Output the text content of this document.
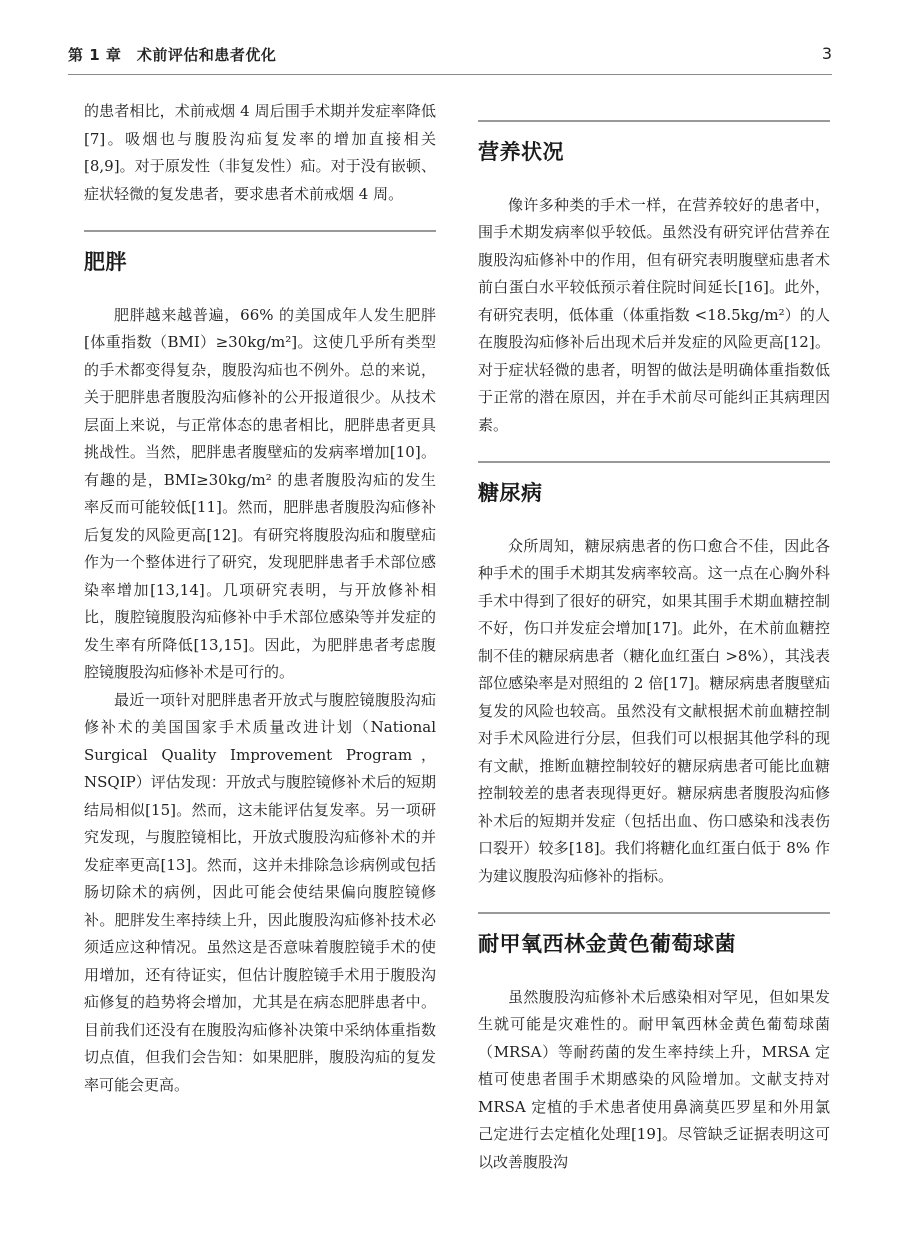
第 1 章　术前评估和患者优化	3

的患者相比，术前戒烟 4 周后围手术期并发症率降低[7]。吸烟也与腹股沟疝复发率的增加直接相关[8,9]。对于原发性（非复发性）疝。对于没有嵌顿、症状轻微的复发患者，要求患者术前戒烟 4 周。

肥胖

肥胖越来越普遍，66% 的美国成年人发生肥胖[体重指数（BMI）≥30kg/m²]。这使几乎所有类型的手术都变得复杂，腹股沟疝也不例外。总的来说，关于肥胖患者腹股沟疝修补的公开报道很少。从技术层面上来说，与正常体态的患者相比，肥胖患者更具挑战性。当然，肥胖患者腹壁疝的发病率增加[10]。有趣的是，BMI≥30kg/m² 的患者腹股沟疝的发生率反而可能较低[11]。然而，肥胖患者腹股沟疝修补后复发的风险更高[12]。有研究将腹股沟疝和腹壁疝作为一个整体进行了研究，发现肥胖患者手术部位感染率增加[13,14]。几项研究表明，与开放修补相比，腹腔镜腹股沟疝修补中手术部位感染等并发症的发生率有所降低[13,15]。因此，为肥胖患者考虑腹腔镜腹股沟疝修补术是可行的。

最近一项针对肥胖患者开放式与腹腔镜腹股沟疝修补术的美国国家手术质量改进计划（National Surgical Quality Improvement Program，NSQIP）评估发现：开放式与腹腔镜修补术后的短期结局相似[15]。然而，这未能评估复发率。另一项研究发现，与腹腔镜相比，开放式腹股沟疝修补术的并发症率更高[13]。然而，这并未排除急诊病例或包括肠切除术的病例，因此可能会使结果偏向腹腔镜修补。肥胖发生率持续上升，因此腹股沟疝修补技术必须适应这种情况。虽然这是否意味着腹腔镜手术的使用增加，还有待证实，但估计腹腔镜手术用于腹股沟疝修复的趋势将会增加，尤其是在病态肥胖患者中。目前我们还没有在腹股沟疝修补决策中采纳体重指数切点值，但我们会告知：如果肥胖，腹股沟疝的复发率可能会更高。

营养状况

像许多种类的手术一样，在营养较好的患者中，围手术期发病率似乎较低。虽然没有研究评估营养在腹股沟疝修补中的作用，但有研究表明腹壁疝患者术前白蛋白水平较低预示着住院时间延长[16]。此外，有研究表明，低体重（体重指数 <18.5kg/m²）的人在腹股沟疝修补后出现术后并发症的风险更高[12]。对于症状轻微的患者，明智的做法是明确体重指数低于正常的潜在原因，并在手术前尽可能纠正其病理因素。

糖尿病

众所周知，糖尿病患者的伤口愈合不佳，因此各种手术的围手术期其发病率较高。这一点在心胸外科手术中得到了很好的研究，如果其围手术期血糖控制不好，伤口并发症会增加[17]。此外，在术前血糖控制不佳的糖尿病患者（糖化血红蛋白 >8%），其浅表部位感染率是对照组的 2 倍[17]。糖尿病患者腹壁疝复发的风险也较高。虽然没有文献根据术前血糖控制对手术风险进行分层，但我们可以根据其他学科的现有文献，推断血糖控制较好的糖尿病患者可能比血糖控制较差的患者表现得更好。糖尿病患者腹股沟疝修补术后的短期并发症（包括出血、伤口感染和浅表伤口裂开）较多[18]。我们将糖化血红蛋白低于 8% 作为建议腹股沟疝修补的指标。

耐甲氧西林金黄色葡萄球菌

虽然腹股沟疝修补术后感染相对罕见，但如果发生就可能是灾难性的。耐甲氧西林金黄色葡萄球菌（MRSA）等耐药菌的发生率持续上升，MRSA 定植可使患者围手术期感染的风险增加。文献支持对 MRSA 定植的手术患者使用鼻滴莫匹罗星和外用氯己定进行去定植化处理[19]。尽管缺乏证据表明这可以改善腹股沟
